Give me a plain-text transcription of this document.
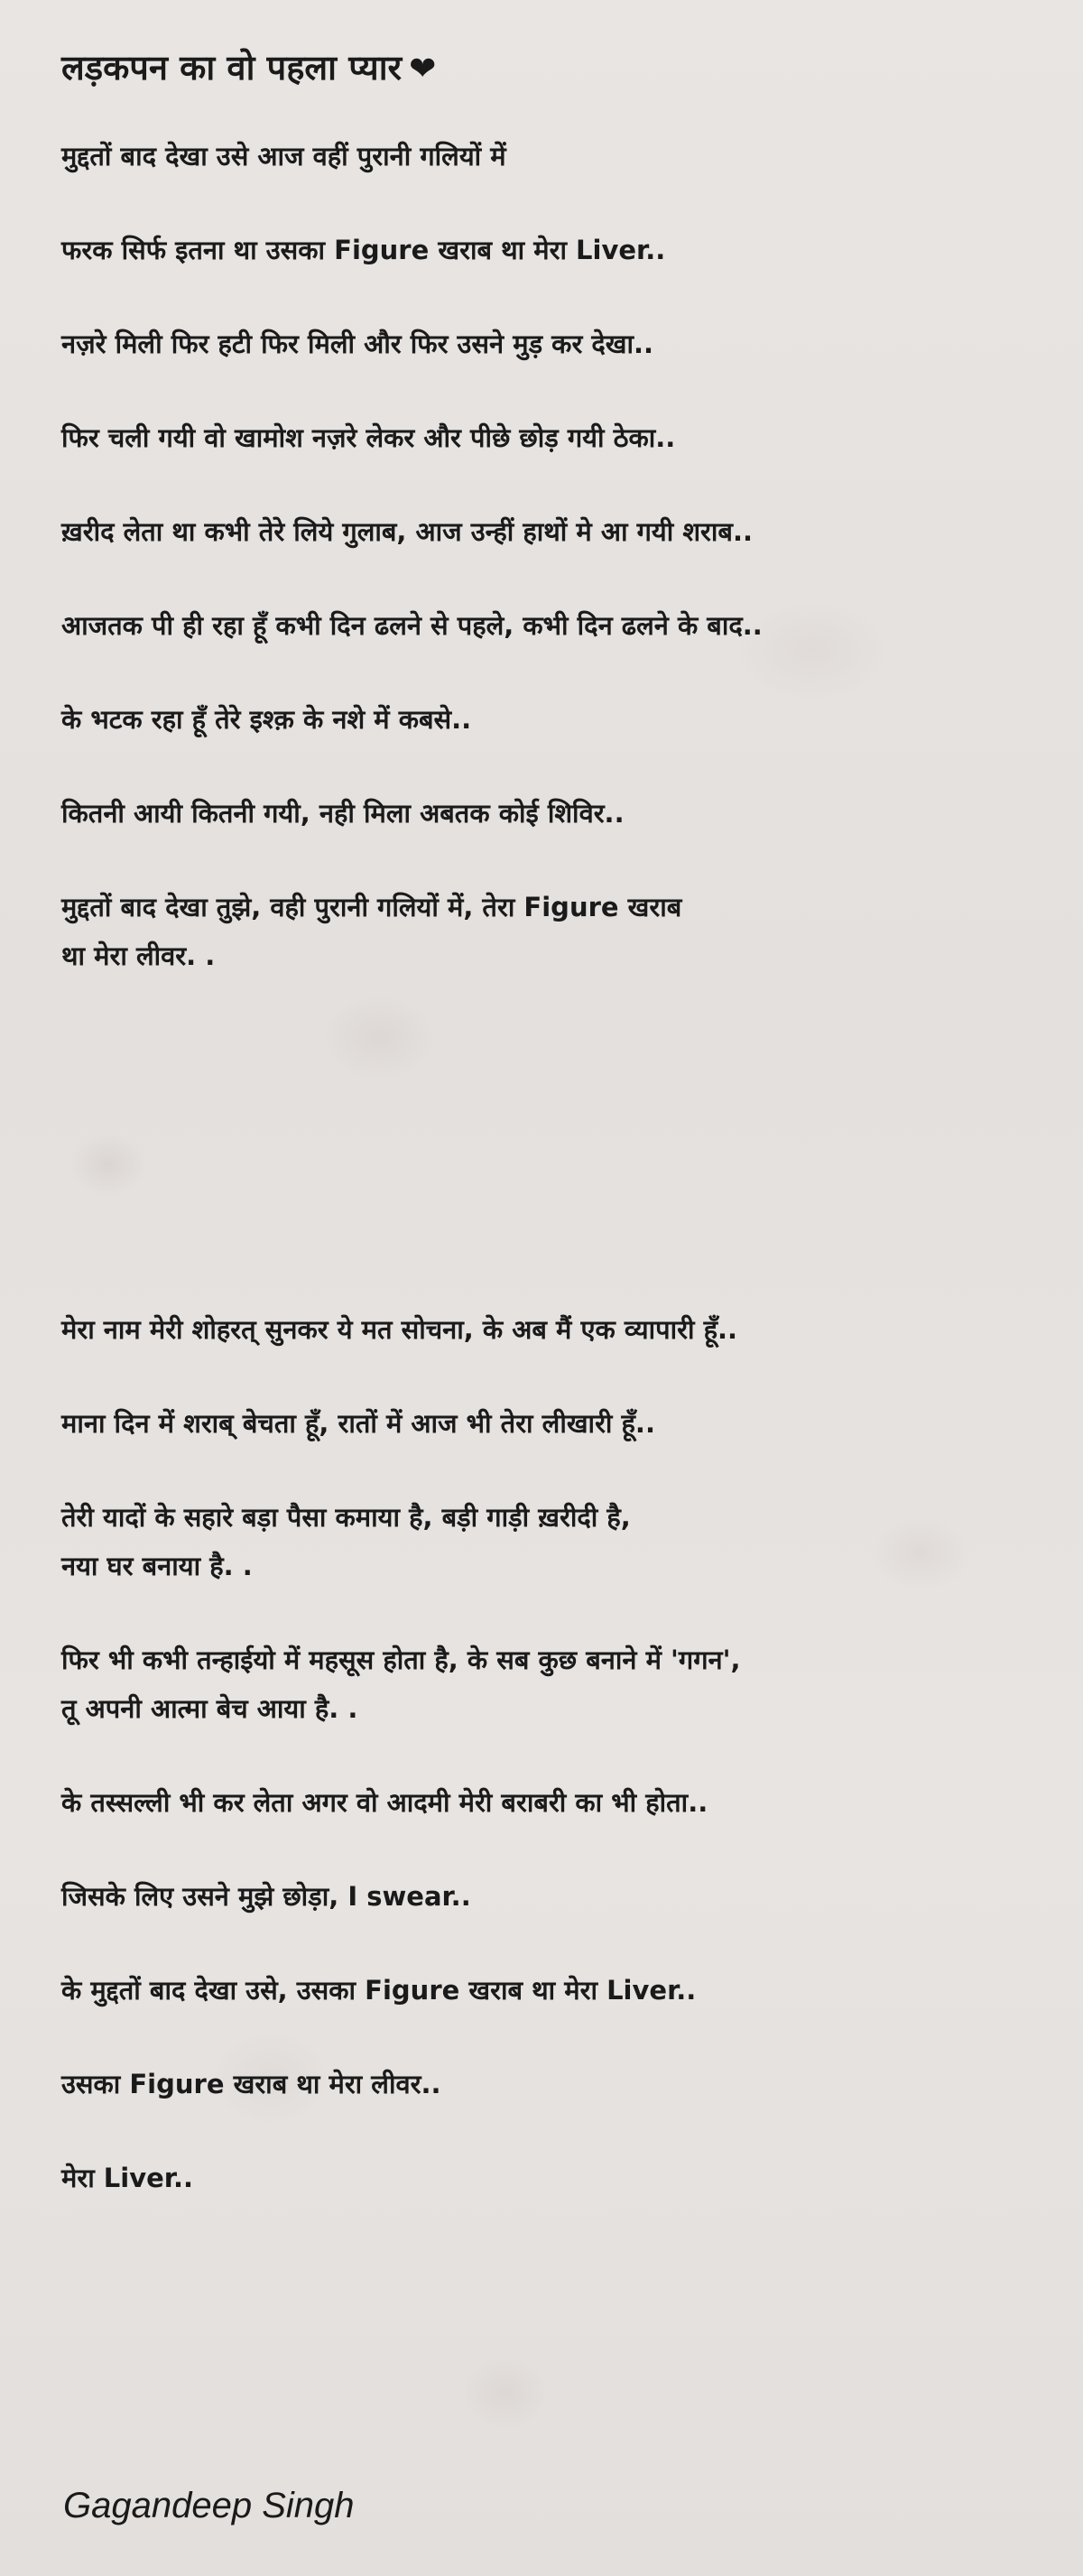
लड़कपन का वो पहला प्यार ❤

मुद्दतों बाद देखा उसे आज वहीं पुरानी गलियों में

फरक सिर्फ इतना था उसका Figure खराब था मेरा Liver..

नज़रे मिली फिर हटी फिर मिली और फिर उसने मुड़ कर देखा..

फिर चली गयी वो खामोश नज़रे लेकर और पीछे छोड़ गयी ठेका..

ख़रीद लेता था कभी तेरे लिये गुलाब, आज उन्हीं हाथों मे आ गयी शराब..

आजतक पी ही रहा हूँ कभी दिन ढलने से पहले, कभी दिन ढलने के बाद..

के भटक रहा हूँ तेरे इश्क़ के नशे में कबसे..

कितनी आयी कितनी गयी, नही मिला अबतक कोई शिविर..

मुद्दतों बाद देखा तुझे, वही पुरानी गलियों में, तेरा Figure खराब

था मेरा लीवर. .

मेरा नाम मेरी शोहरत् सुनकर ये मत सोचना, के अब मैं एक व्यापारी हूँ..

माना दिन में शराब् बेचता हूँ, रातों में आज भी तेरा लीखारी हूँ..

तेरी यादों के सहारे बड़ा पैसा कमाया है, बड़ी गाड़ी ख़रीदी है,

नया घर बनाया है. .

फिर भी कभी तन्हाईयो में महसूस होता है, के सब कुछ बनाने में 'गगन',

तू अपनी आत्मा बेच आया है. .

के तस्सल्ली भी कर लेता अगर वो आदमी मेरी बराबरी का भी होता..

जिसके लिए उसने मुझे छोड़ा, I swear..

के मुद्दतों बाद देखा उसे, उसका Figure खराब था मेरा Liver..

उसका Figure खराब था मेरा लीवर..

मेरा Liver..

Gagandeep Singh
